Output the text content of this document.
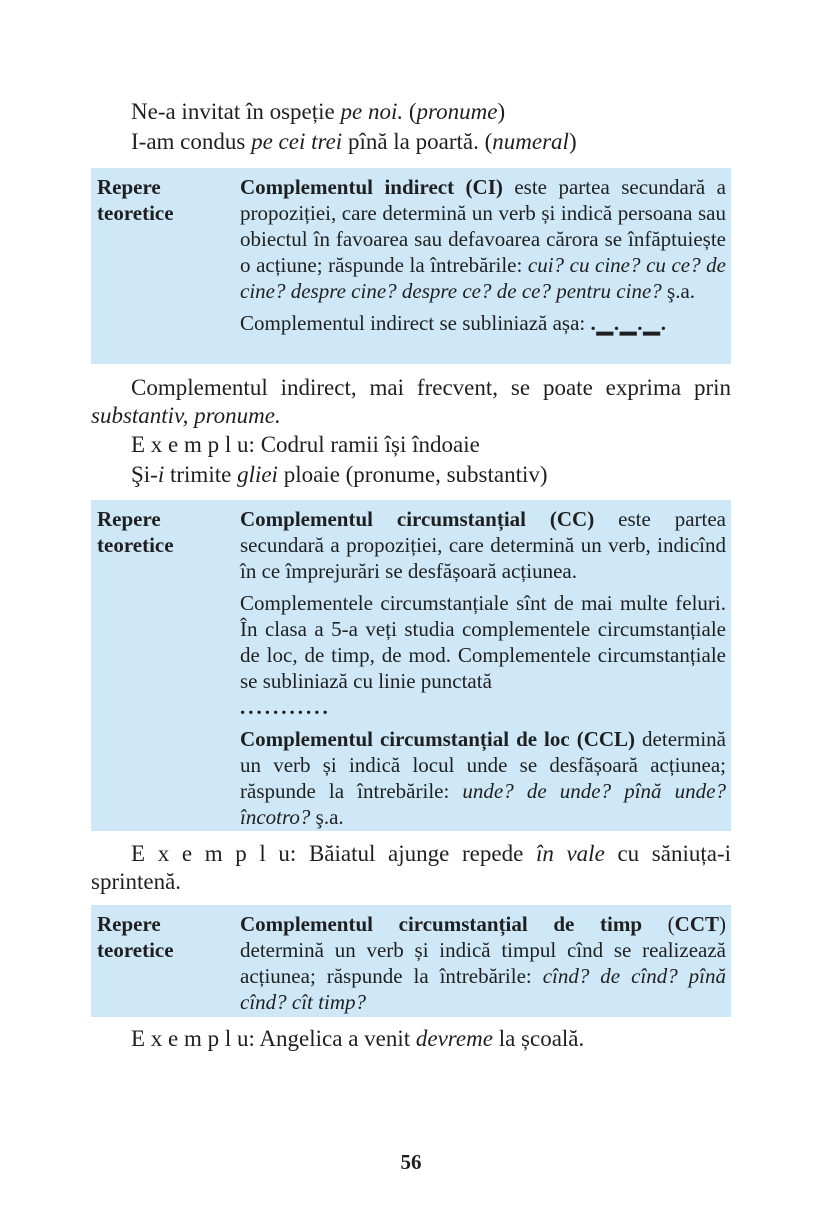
Ne-a invitat în ospeție pe noi. (pronume)
I-am condus pe cei trei pînă la poartă. (numeral)
Repere
teoretice

Complementul indirect (CI) este partea secundară a propoziției, care determină un verb și indică persoana sau obiectul în favoarea sau defavoarea cărora se înfăptuiește o acțiune; răspunde la întrebările: cui? cu cine? cu ce? de cine? despre cine? despre ce? de ce? pentru cine? ş.a.

Complementul indirect se subliniază așa: .▁.▁.▁.

Complementul indirect, mai frecvent, se poate exprima prin substantiv, pronume.
E x e m p l u: Codrul ramii își îndoaie
Şi-i trimite gliei ploaie (pronume, substantiv)
Repere
teoretice

Complementul circumstanțial (CC) este partea secundară a propoziției, care determină un verb, indicînd în ce împrejurări se desfășoară acțiunea.

Complementele circumstanțiale sînt de mai multe feluri. În clasa a 5-a veți studia complementele circumstanțiale de loc, de timp, de mod. Complementele circumstanțiale se subliniază cu linie punctată
...........

Complementul circumstanțial de loc (CCL) determină un verb și indică locul unde se desfășoară acțiunea; răspunde la întrebările: unde? de unde? pînă unde? încotro? ş.a.

E x e m p l u: Băiatul ajunge repede în vale cu săniuța-i sprintenă.
Repere
teoretice

Complementul circumstanțial de timp (CCT) determină un verb și indică timpul cînd se realizează acțiunea; răspunde la întrebările: cînd? de cînd? pînă cînd? cît timp?

E x e m p l u: Angelica a venit devreme la școală.
56
